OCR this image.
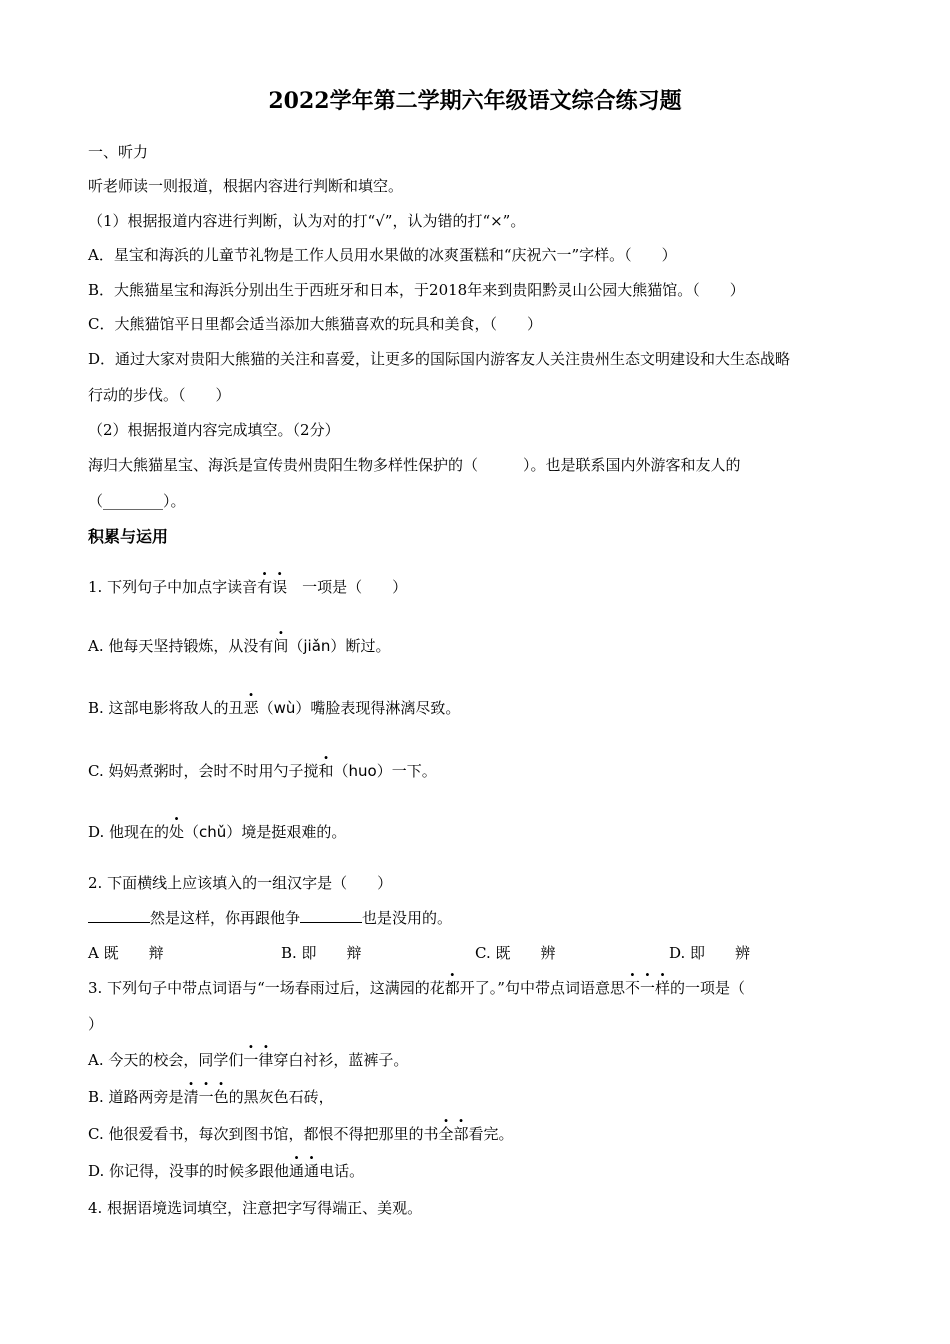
2022学年第二学期六年级语文综合练习题
一、听力
听老师读一则报道，根据内容进行判断和填空。
（1）根据报道内容进行判断，认为对的打“√”，认为错的打“×”。
A．星宝和海浜的儿童节礼物是工作人员用水果做的冰爽蛋糕和“庆祝六一”字样。（　　）
B．大熊猫星宝和海浜分别出生于西班牙和日本，于2018年来到贵阳黔灵山公园大熊猫馆。（　　）
C．大熊猫馆平日里都会适当添加大熊猫喜欢的玩具和美食，（　　）
D．通过大家对贵阳大熊猫的关注和喜爱，让更多的国际国内游客友人关注贵州生态文明建设和大生态战略
行动的步伐。（　　）
（2）根据报道内容完成填空。（2分）
海归大熊猫星宝、海浜是宣传贵州贵阳生物多样性保护的（　　　）。也是联系国内外游客和友人的
（________）。
积累与运用
1. 下列句子中加点字读音有误　一项是（　　）
A. 他每天坚持锻炼，从没有间（jiǎn）断过。
B. 这部电影将敌人的丑恶（wù）嘴脸表现得淋漓尽致。
C. 妈妈煮粥时，会时不时用勺子搅和（huo）一下。
D. 他现在的处（chǔ）境是挺艰难的。
2. 下面横线上应该填入的一组汉字是（　　）
然是这样，你再跟他争	也是没用的。
A 既　　辩	B. 即　　辩	C. 既　　辨	D. 即　　辨
3. 下列句子中带点词语与“一场春雨过后，这满园的花都开了。”句中带点词语意思不一样的一项是（
）
A. 今天的校会，同学们一律穿白衬衫，蓝裤子。
B. 道路两旁是清一色的黑灰色石砖，
C. 他很爱看书，每次到图书馆，都恨不得把那里的书全部看完。
D. 你记得，没事的时候多跟他通通电话。
4. 根据语境选词填空，注意把字写得端正、美观。
